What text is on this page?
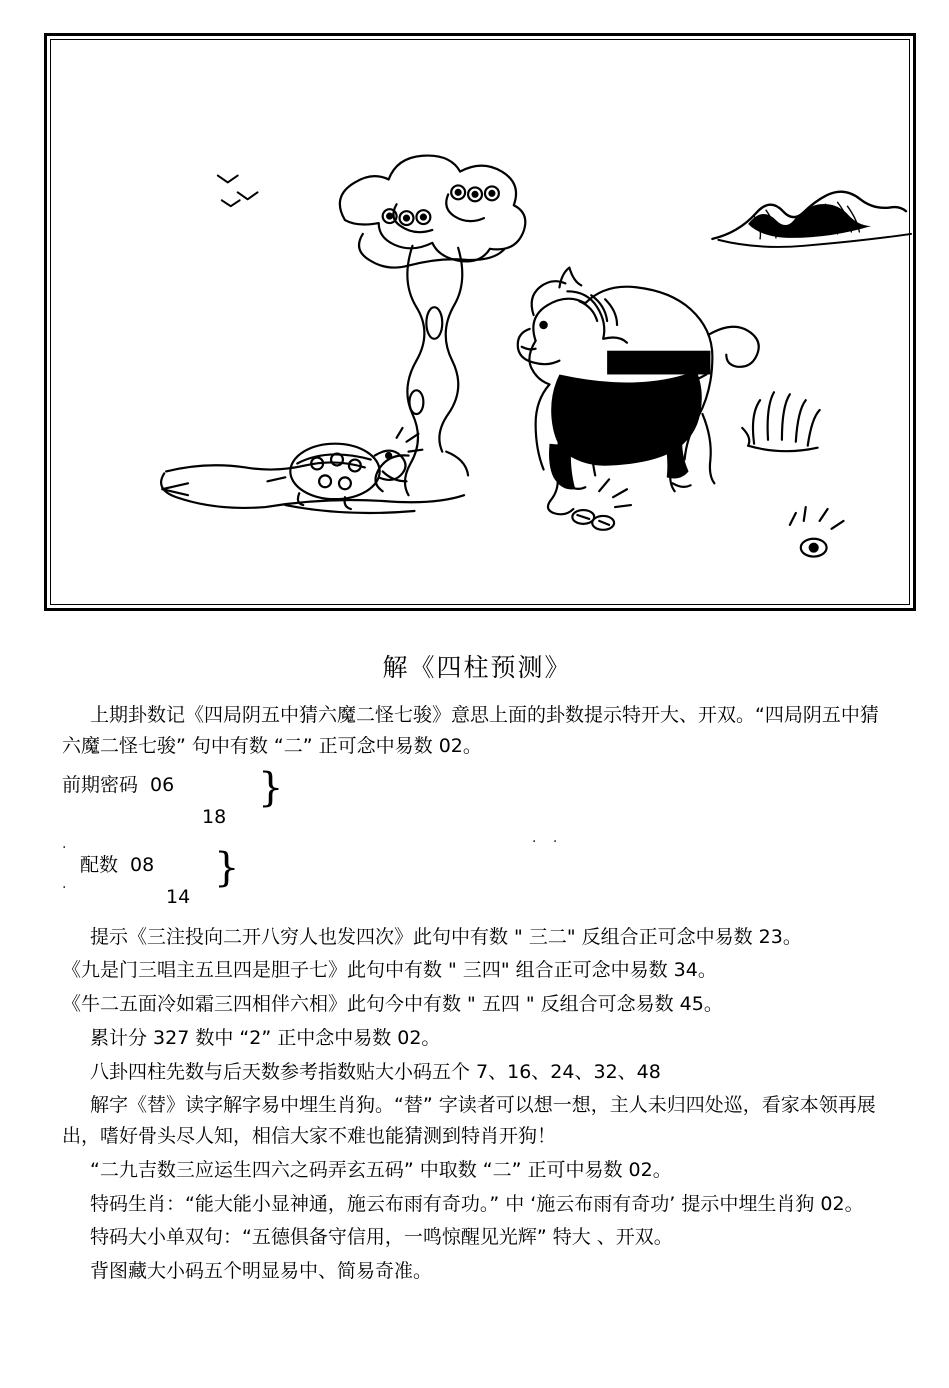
解《四柱预测》

上期卦数记《四局阴五中猜六魔二怪七骏》意思上面的卦数提示特开大、开双。“四局阴五中猜六魔二怪七骏” 句中有数 “二” 正可念中易数 02。

前期密码 06
18
}
配数 08
14
}
·
·
. .

提示《三注投向二开八穷人也发四次》此句中有数 " 三二" 反组合正可念中易数 23。

《九是门三唱主五旦四是胆子七》此句中有数 " 三四" 组合正可念中易数 34。

《牛二五面冷如霜三四相伴六相》此句今中有数 " 五四 " 反组合可念易数 45。

累计分 327 数中 “2” 正中念中易数 02。

八卦四柱先数与后天数参考指数贴大小码五个 7、16、24、32、48

解字《替》读字解字易中埋生肖狗。“替” 字读者可以想一想，主人未归四处巡，看家本领再展出，嗜好骨头尽人知，相信大家不难也能猜测到特肖开狗！

“二九吉数三应运生四六之码弄玄五码” 中取数 “二” 正可中易数 02。

特码生肖：“能大能小显神通，施云布雨有奇功。” 中 ‘施云布雨有奇功’ 提示中埋生肖狗 02。

特码大小单双句：“五德俱备守信用，一鸣惊醒见光辉” 特大 、开双。

背图藏大小码五个明显易中、简易奇准。
